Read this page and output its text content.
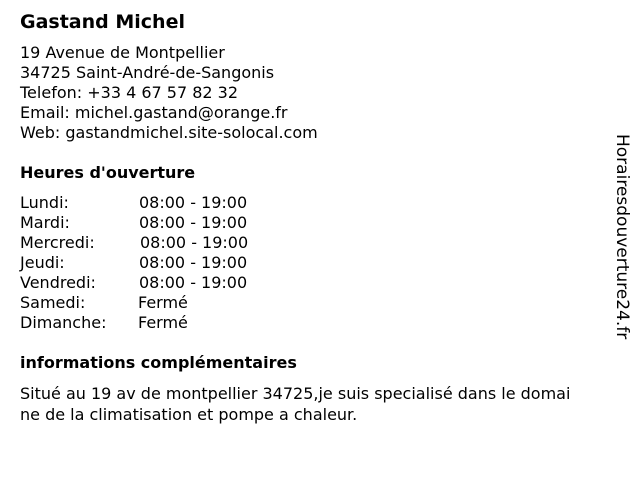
Gastand Michel
19 Avenue de Montpellier
34725 Saint-André-de-Sangonis
Telefon: +33 4 67 57 82 32
Email: michel.gastand@orange.fr
Web: gastandmichel.site-solocal.com
Heures d'ouverture
Lundi:	08:00 - 19:00
Mardi:	08:00 - 19:00
Mercredi:	08:00 - 19:00
Jeudi:	08:00 - 19:00
Vendredi:	08:00 - 19:00
Samedi:	Fermé
Dimanche: Fermé
informations complémentaires
Situé au 19 av de montpellier 34725,je suis specialisé dans le domai
ne de la climatisation et pompe a chaleur.
Horairesdouverture24.fr
